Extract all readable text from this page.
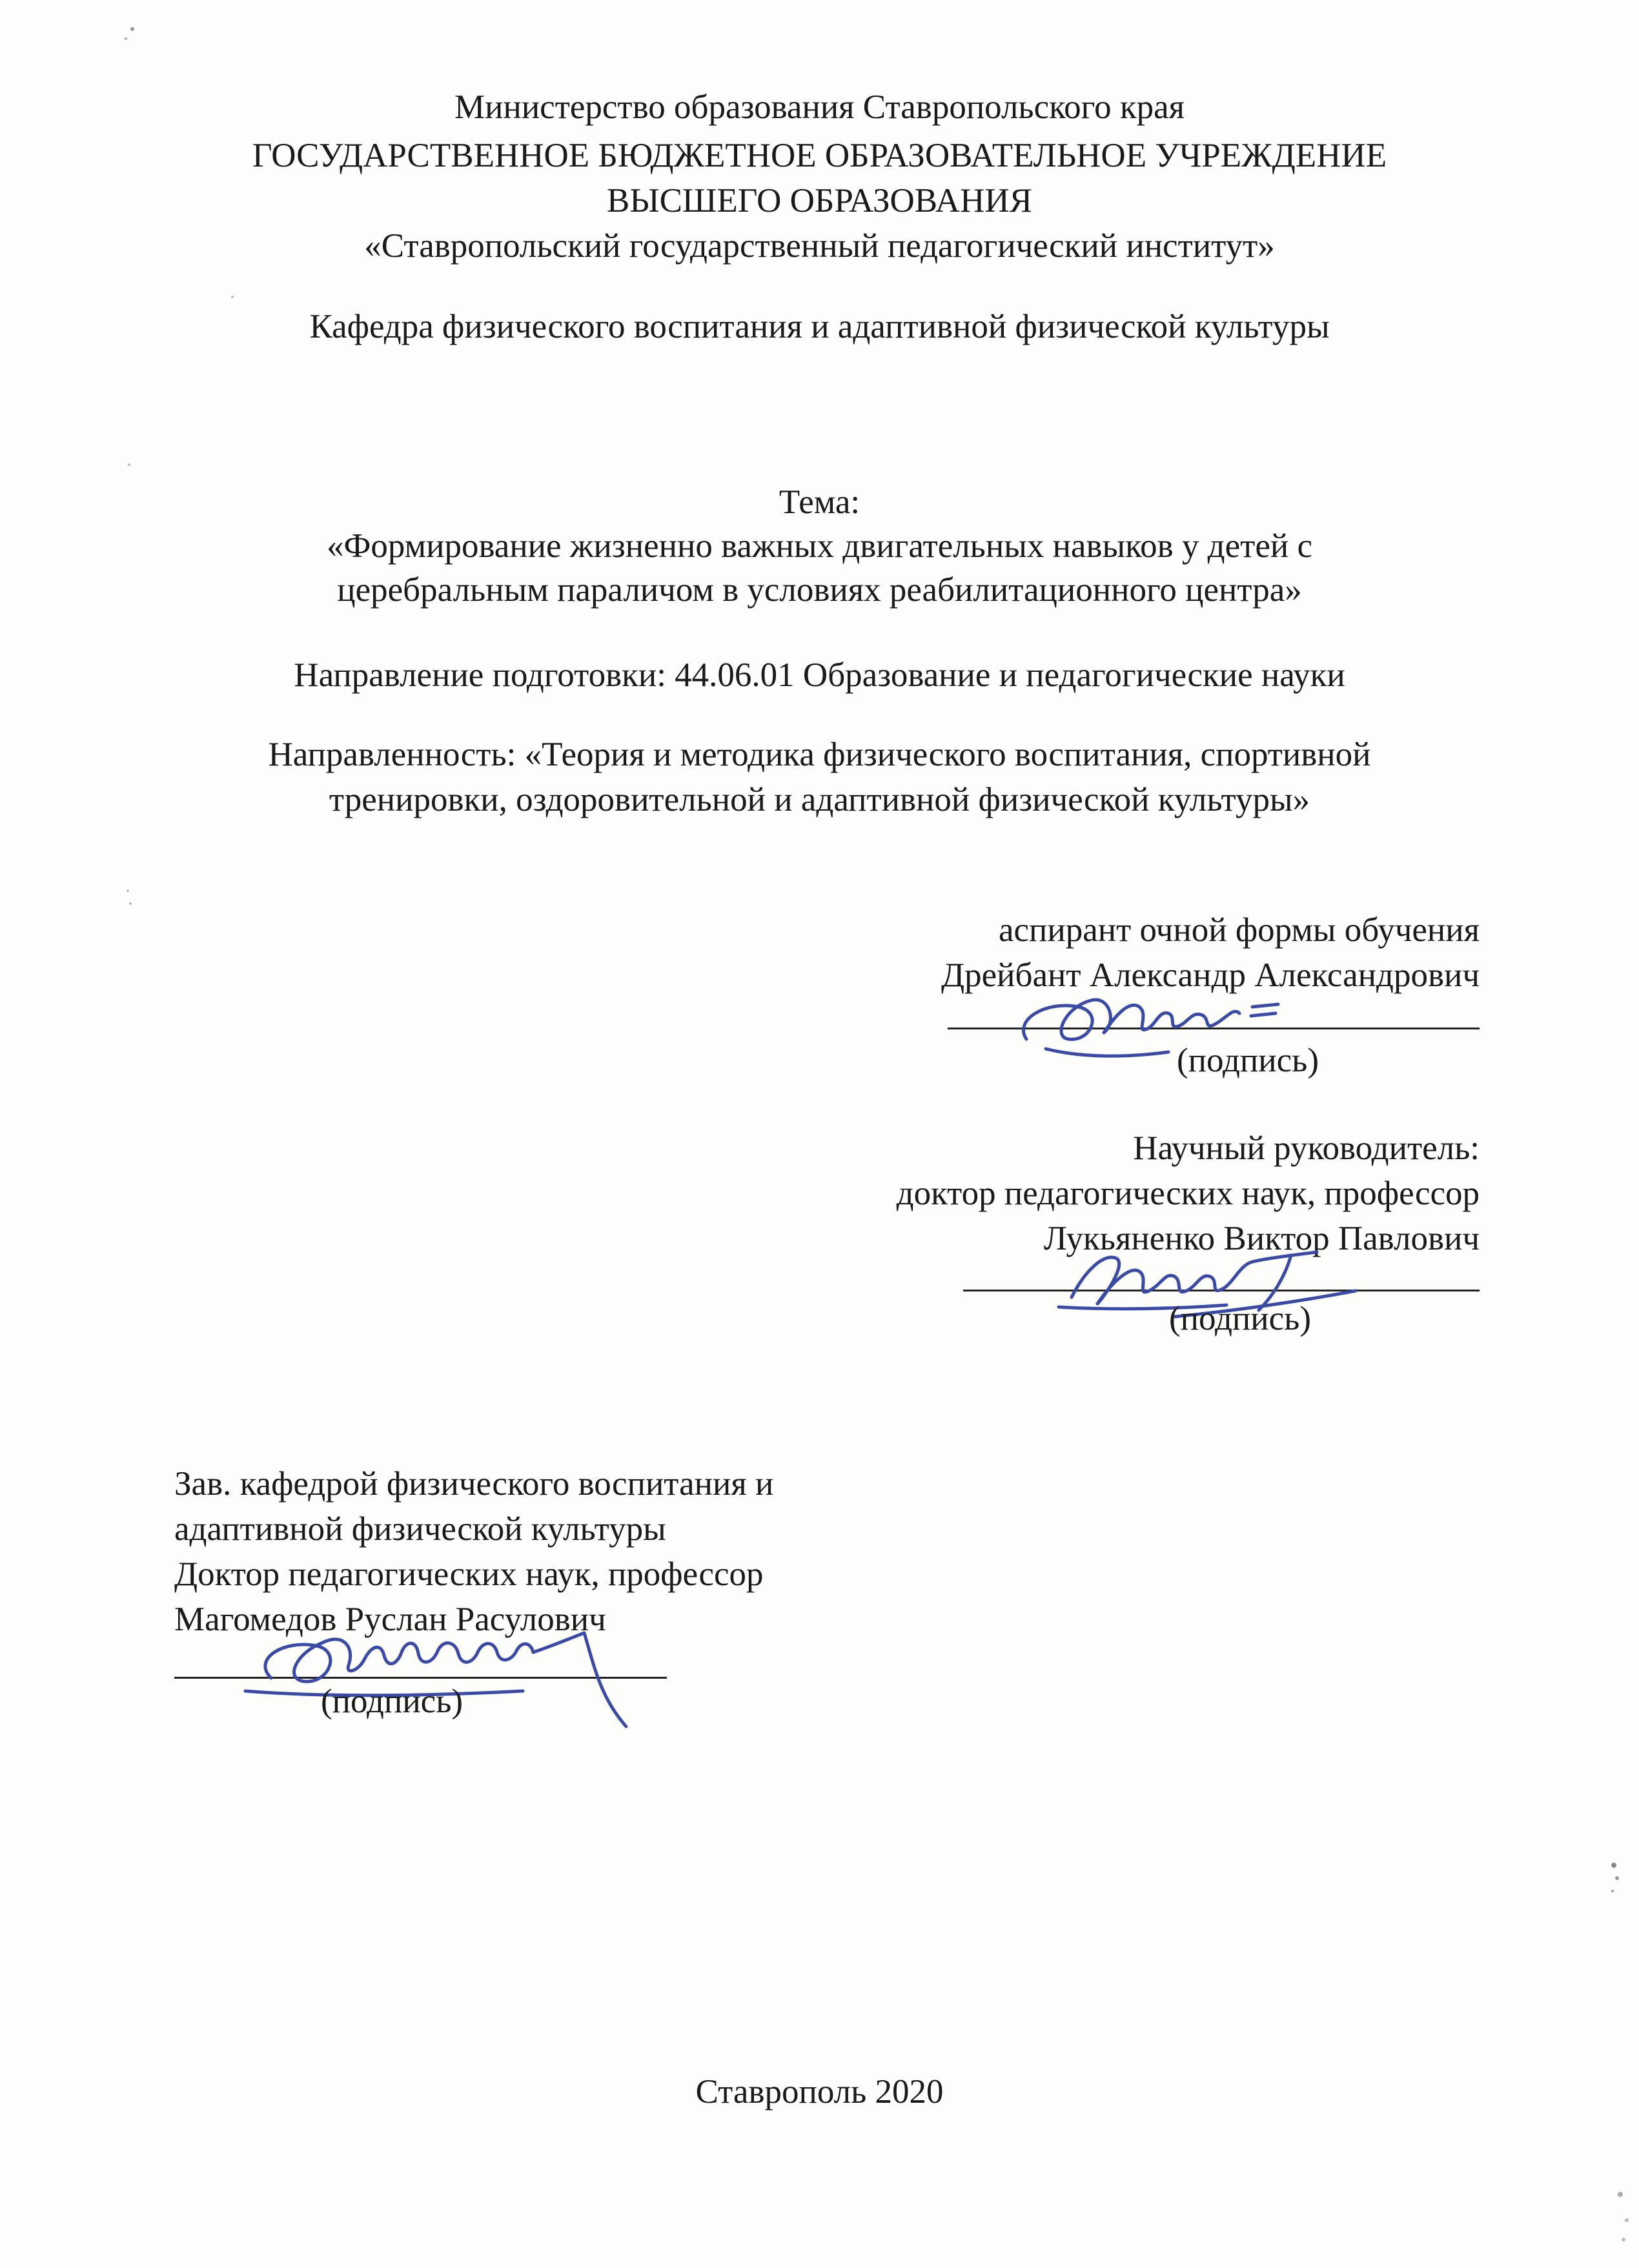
Министерство образования Ставропольского края
ГОСУДАРСТВЕННОЕ БЮДЖЕТНОЕ ОБРАЗОВАТЕЛЬНОЕ УЧРЕЖДЕНИЕ
ВЫСШЕГО ОБРАЗОВАНИЯ
«Ставропольский государственный педагогический институт»
Кафедра физического воспитания и адаптивной физической культуры
Тема:
«Формирование жизненно важных двигательных навыков у детей с
церебральным параличом в условиях реабилитационного центра»
Направление подготовки: 44.06.01 Образование и педагогические науки
Направленность: «Теория и методика физического воспитания, спортивной
тренировки, оздоровительной и адаптивной физической культуры»
аспирант очной формы обучения
Дрейбант Александр Александрович
(подпись)
Научный руководитель:
доктор педагогических наук, профессор
Лукьяненко Виктор Павлович
(подпись)
Зав. кафедрой физического воспитания и
адаптивной физической культуры
Доктор педагогических наук, профессор
Магомедов Руслан Расулович
(подпись)
Ставрополь 2020
